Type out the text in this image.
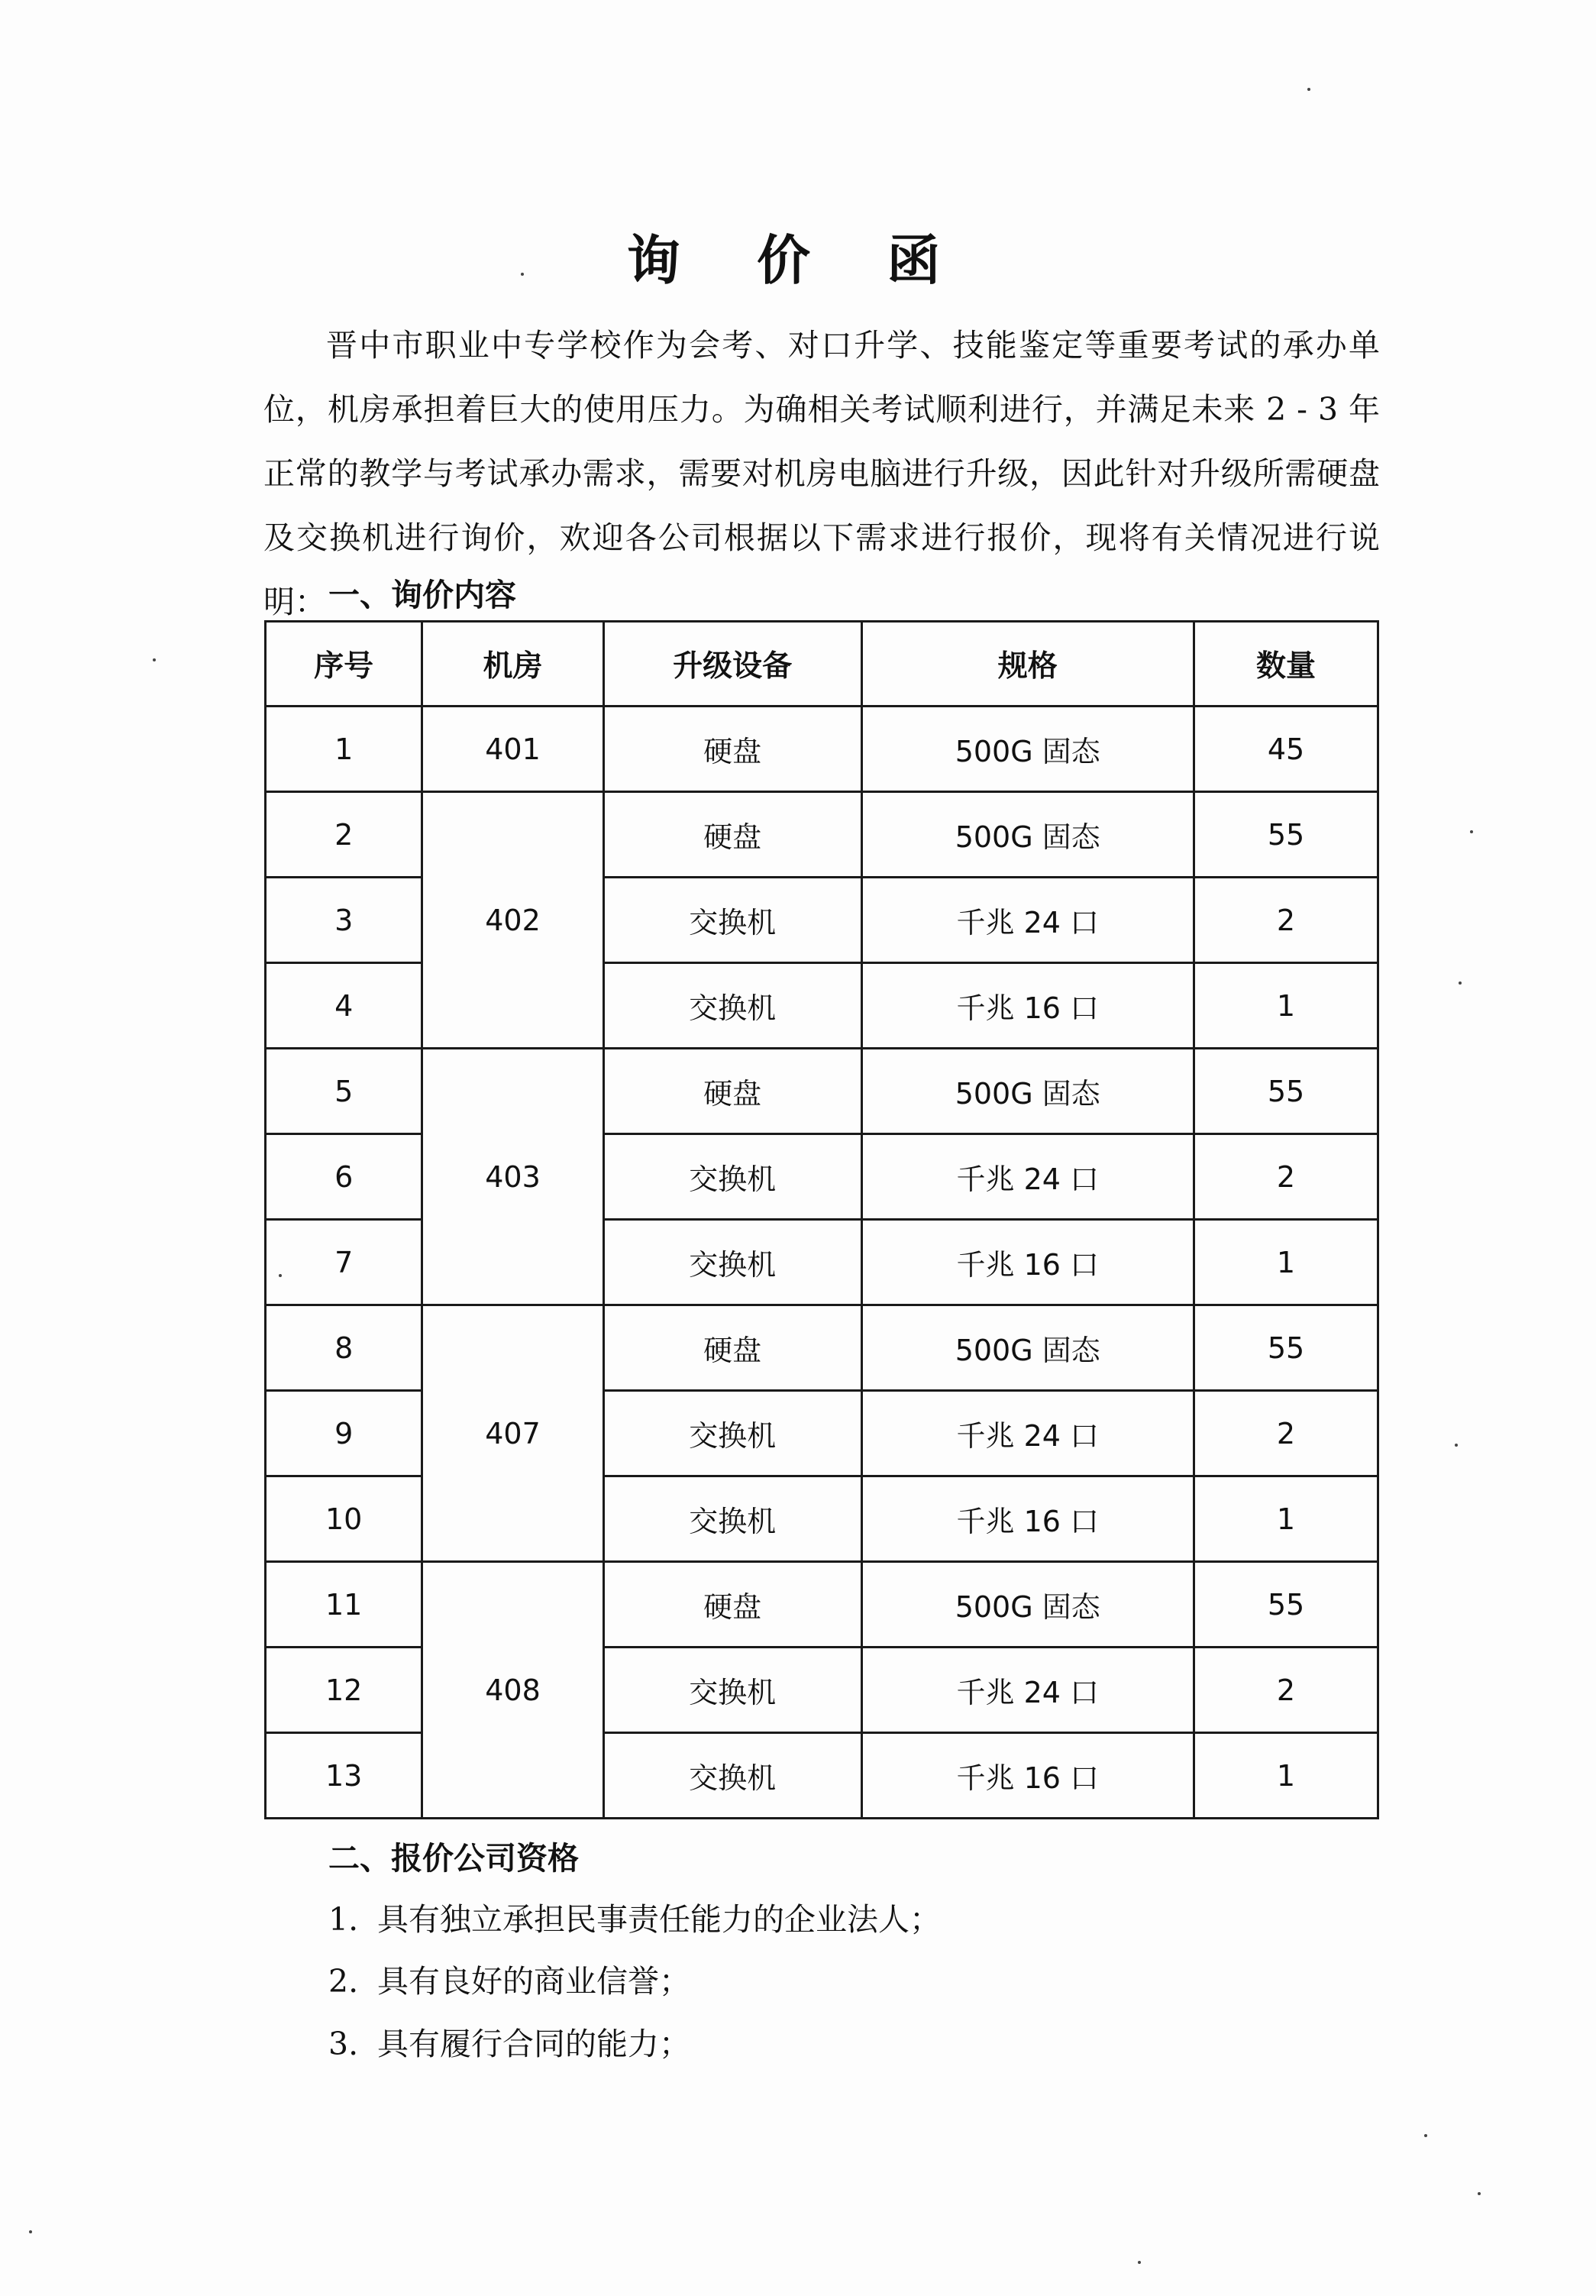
询 价 函
晋中市职业中专学校作为会考、对口升学、技能鉴定等重要考试的承办单位，机房承担着巨大的使用压力。为确相关考试顺利进行，并满足未来 2 - 3 年正常的教学与考试承办需求，需要对机房电脑进行升级，因此针对升级所需硬盘及交换机进行询价，欢迎各公司根据以下需求进行报价，现将有关情况进行说明： 一、询价内容
序号	机房	升级设备	规格	数量
1	401	硬盘	500G 固态	45
2	402	硬盘	500G 固态	55
3		交换机	千兆 24 口	2
4		交换机	千兆 16 口	1
5	403	硬盘	500G 固态	55
6		交换机	千兆 24 口	2
7		交换机	千兆 16 口	1
8	407	硬盘	500G 固态	55
9		交换机	千兆 24 口	2
10		交换机	千兆 16 口	1
11	408	硬盘	500G 固态	55
12		交换机	千兆 24 口	2
13		交换机	千兆 16 口	1
二、报价公司资格
1. 具有独立承担民事责任能力的企业法人；
2. 具有良好的商业信誉；
3. 具有履行合同的能力；
